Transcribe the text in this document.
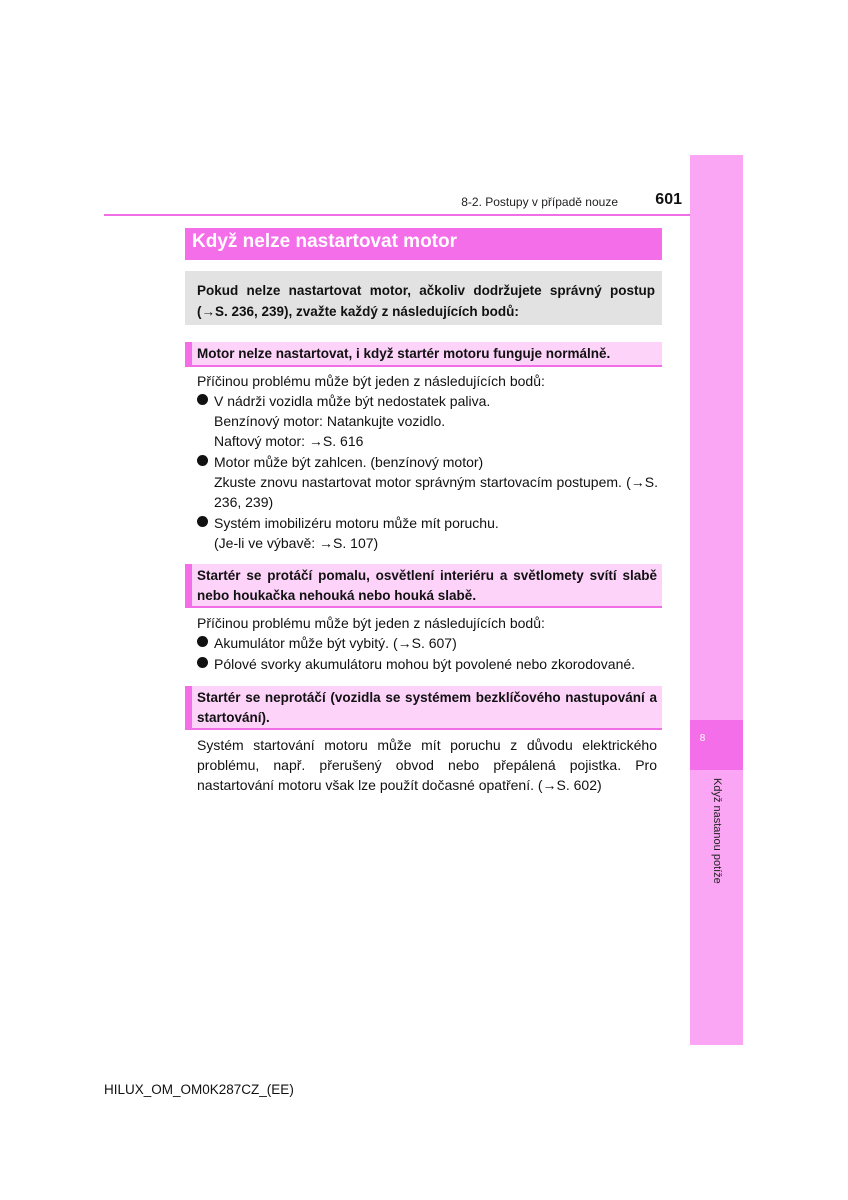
8
Když nastanou potíže
8-2. Postupy v případě nouze	601
Když nelze nastartovat motor
Pokud nelze nastartovat motor, ačkoliv dodržujete správný postup (→S. 236, 239), zvažte každý z následujících bodů:
Motor nelze nastartovat, i když startér motoru funguje normálně.
Příčinou problému může být jeden z následujících bodů:
V nádrži vozidla může být nedostatek paliva.
Benzínový motor: Natankujte vozidlo.
Naftový motor: →S. 616
Motor může být zahlcen. (benzínový motor)
Zkuste znovu nastartovat motor správným startovacím postupem. (→S. 236, 239)
Systém imobilizéru motoru může mít poruchu.
(Je-li ve výbavě: →S. 107)
Startér se protáčí pomalu, osvětlení interiéru a světlomety svítí slabě nebo houkačka nehouká nebo houká slabě.
Příčinou problému může být jeden z následujících bodů:
Akumulátor může být vybitý. (→S. 607)
Pólové svorky akumulátoru mohou být povolené nebo zkorodované.
Startér se neprotáčí (vozidla se systémem bezklíčového nastupování a startování).
Systém startování motoru může mít poruchu z důvodu elektrického problému, např. přerušený obvod nebo přepálená pojistka. Pro nastartování motoru však lze použít dočasné opatření. (→S. 602)
HILUX_OM_OM0K287CZ_(EE)
